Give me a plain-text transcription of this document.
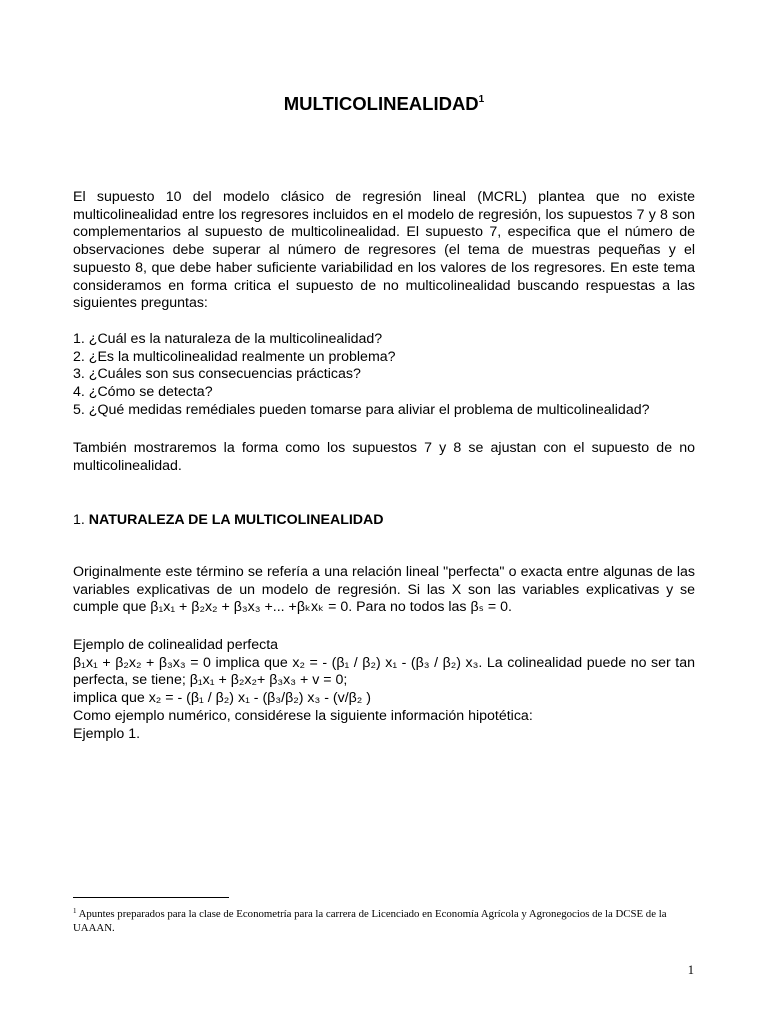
MULTICOLINEALIDAD$^1$

El supuesto 10 del modelo clásico de regresión lineal (MCRL) plantea que no existe multicolinealidad entre los regresores incluidos en el modelo de regresión, los supuestos 7 y 8 son complementarios al supuesto de multicolinealidad. El supuesto 7, especifica que el número de observaciones debe superar al número de regresores (el tema de muestras pequeñas y el supuesto 8, que debe haber suficiente variabilidad en los valores de los regresores. En este tema consideramos en forma critica el supuesto de no multicolinealidad buscando respuestas a las siguientes preguntas:

1. ¿Cuál es la naturaleza de la multicolinealidad?
2. ¿Es la multicolinealidad realmente un problema?
3. ¿Cuáles son sus consecuencias prácticas?
4. ¿Cómo se detecta?
5. ¿Qué medidas remédiales pueden tomarse para aliviar el problema de multicolinealidad?

También mostraremos la forma como los supuestos 7 y 8 se ajustan con el supuesto de no multicolinealidad.

1. NATURALEZA DE LA MULTICOLINEALIDAD

Originalmente este término se refería a una relación lineal "perfecta" o exacta entre algunas de las variables explicativas de un modelo de regresión. Si las X son las variables explicativas y se cumple que β₁x₁ + β₂x₂ + β₃x₃ +... +βₖxₖ = 0. Para no todos las βₛ = 0.

Ejemplo de colinealidad perfecta
β₁x₁ + β₂x₂ + β₃x₃ = 0 implica que x₂ = - (β₁ / β₂) x₁ - (β₃ / β₂) x₃. La colinealidad puede no ser tan perfecta, se tiene; β₁x₁ + β₂x₂+ β₃x₃ + v = 0;
implica que x₂ = - (β₁ / β₂) x₁ - (β₃/β₂) x₃ - (v/β₂ )
Como ejemplo numérico, considérese la siguiente información hipotética:
Ejemplo 1.
$^1$ Apuntes preparados para la clase de Econometría para la carrera de Licenciado en Economía Agrícola y Agronegocios de la DCSE de la UAAAN.
1
